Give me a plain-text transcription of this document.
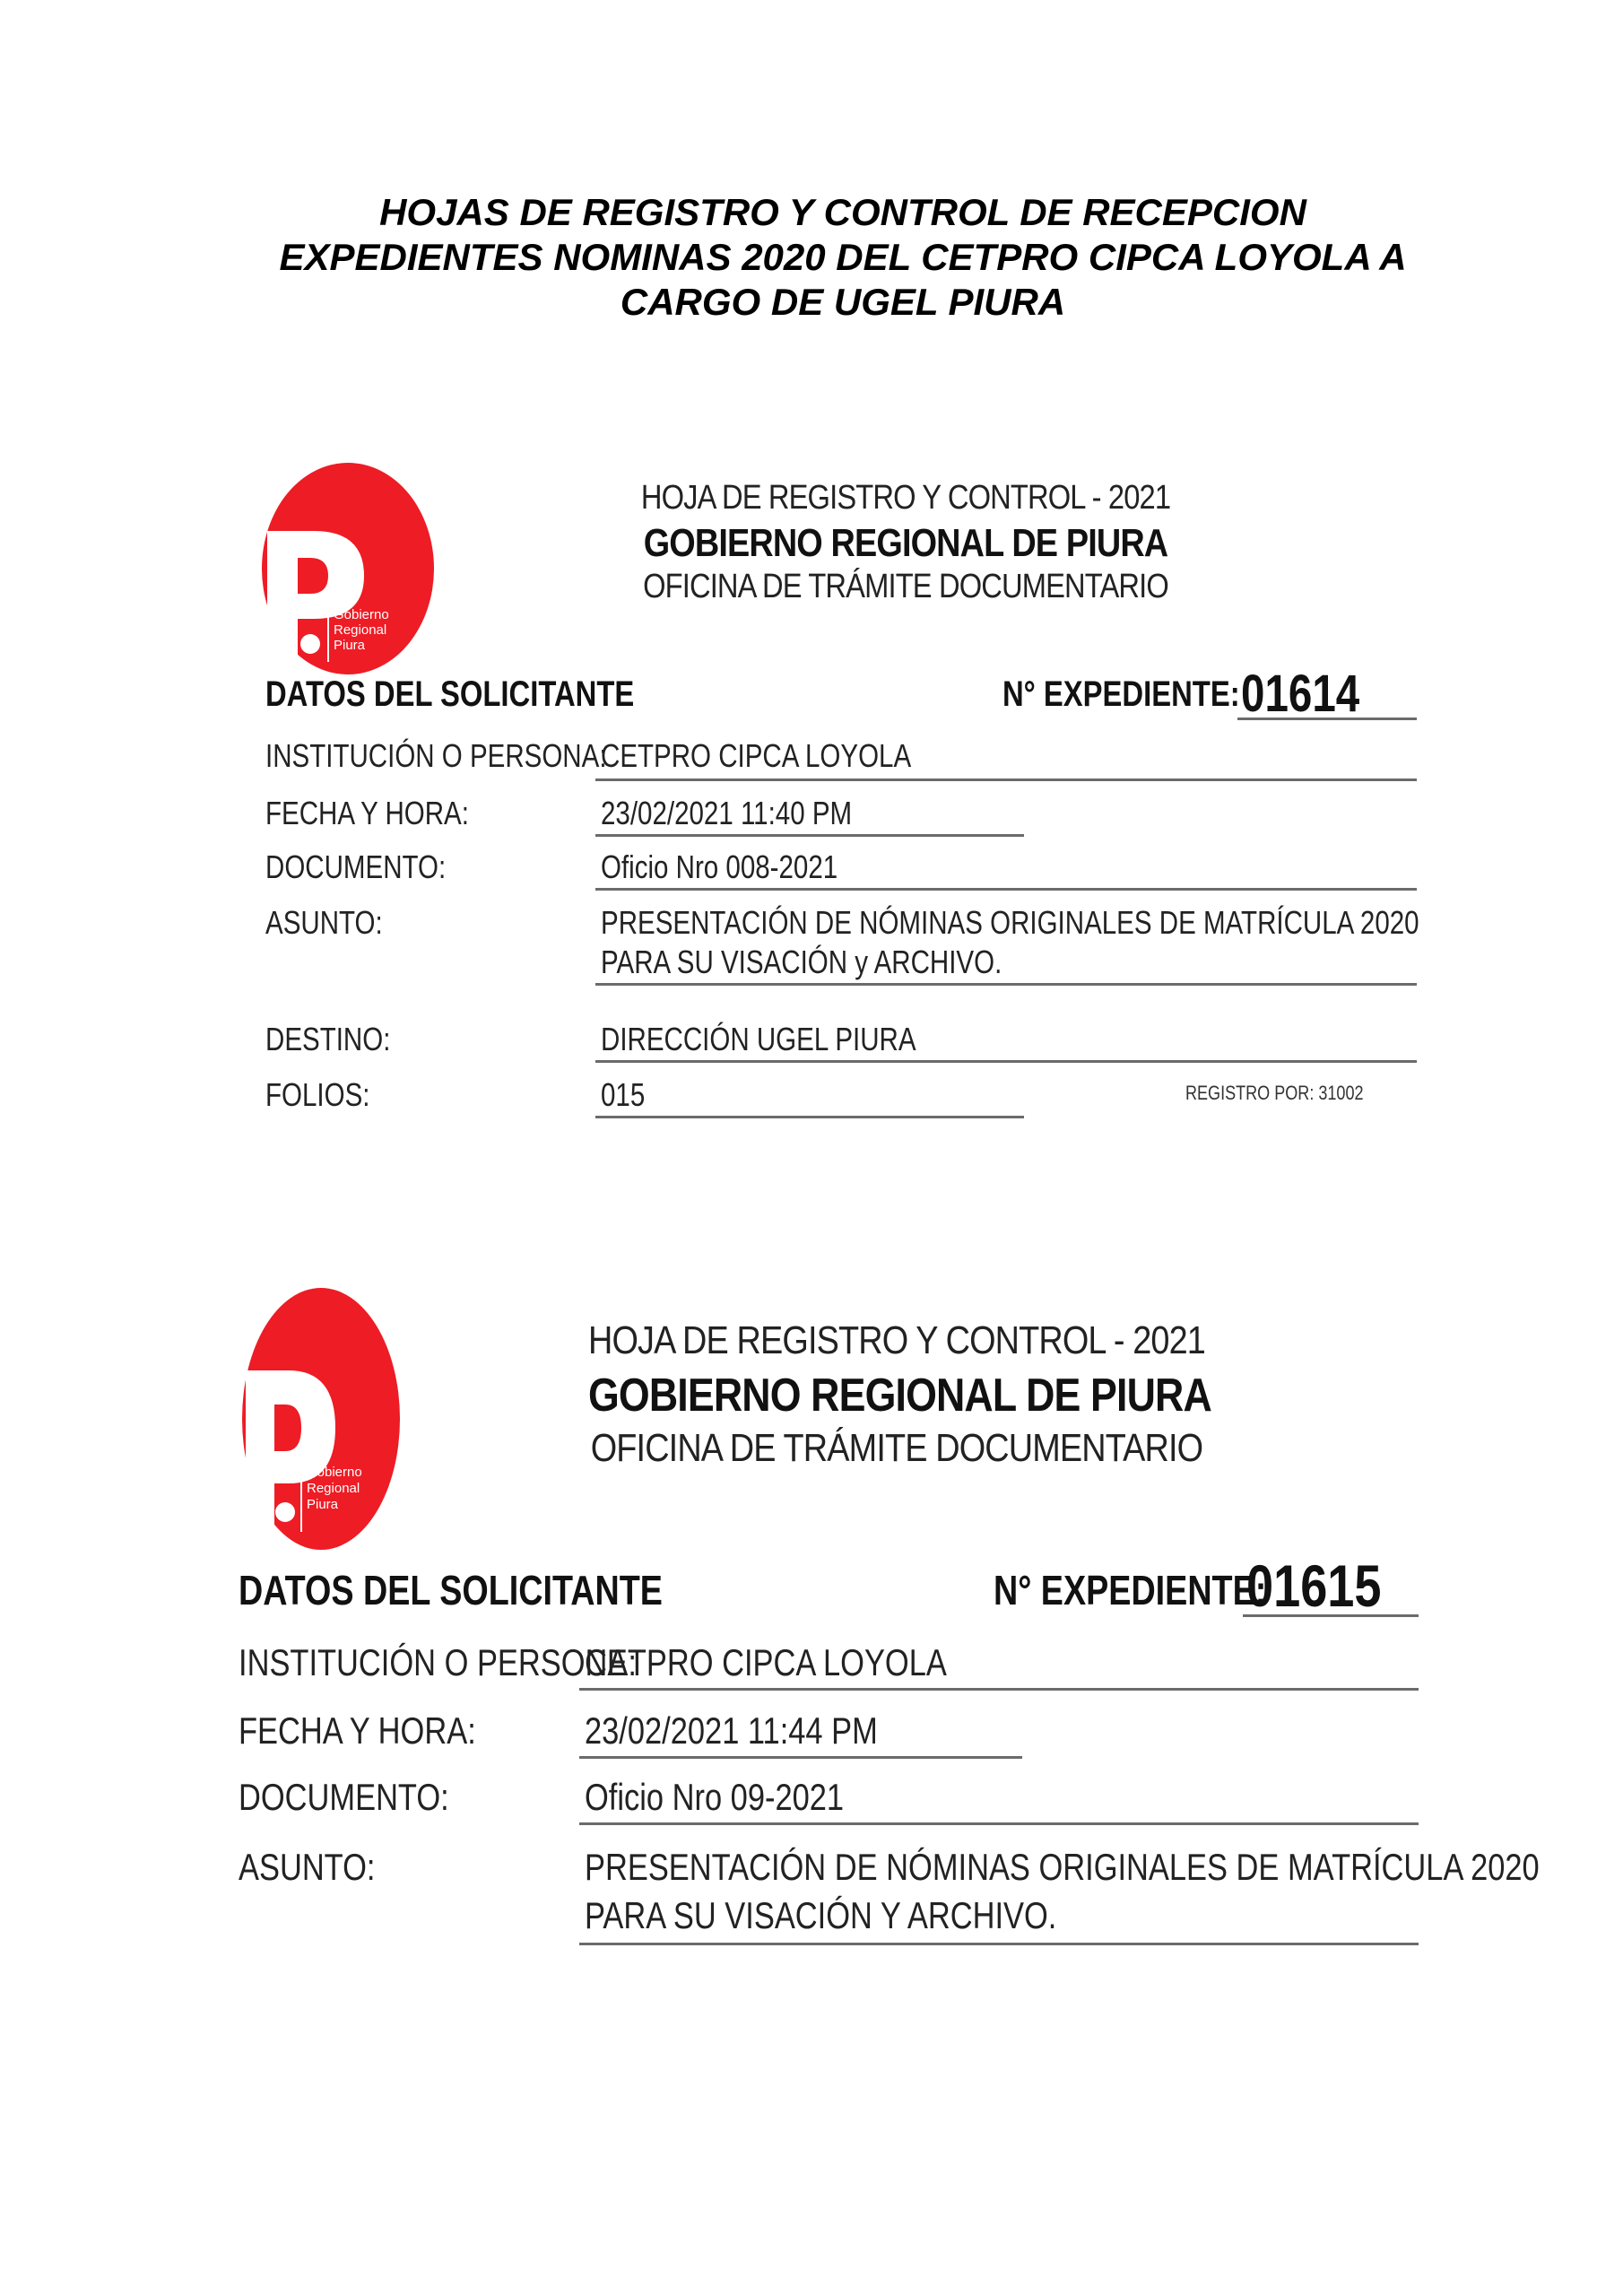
HOJAS DE REGISTRO Y CONTROL DE RECEPCION
EXPEDIENTES NOMINAS 2020 DEL CETPRO CIPCA LOYOLA A
CARGO DE UGEL PIURA
Gobierno
Regional
Piura
HOJA DE REGISTRO Y CONTROL - 2021
GOBIERNO REGIONAL DE PIURA
OFICINA DE TRÁMITE DOCUMENTARIO
DATOS DEL SOLICITANTE	N° EXPEDIENTE: 01614
INSTITUCIÓN O PERSONA:
CETPRO CIPCA LOYOLA
FECHA Y HORA:	23/02/2021 11:40 PM
DOCUMENTO:	Oficio Nro 008-2021
ASUNTO:	PRESENTACIÓN DE NÓMINAS ORIGINALES DE MATRÍCULA 2020
PARA SU VISACIÓN y ARCHIVO.
DESTINO:	DIRECCIÓN UGEL PIURA
FOLIOS:	015	REGISTRO POR: 31002
Gobierno
Regional
Piura
HOJA DE REGISTRO Y CONTROL - 2021
GOBIERNO REGIONAL DE PIURA
OFICINA DE TRÁMITE DOCUMENTARIO
DATOS DEL SOLICITANTE	N° EXPEDIENTE:
01615
INSTITUCIÓN O PERSONA:
CETPRO CIPCA LOYOLA
FECHA Y HORA:	23/02/2021 11:44 PM
DOCUMENTO:	Oficio Nro 09-2021
ASUNTO:	PRESENTACIÓN DE NÓMINAS ORIGINALES DE MATRÍCULA 2020
PARA SU VISACIÓN Y ARCHIVO.
